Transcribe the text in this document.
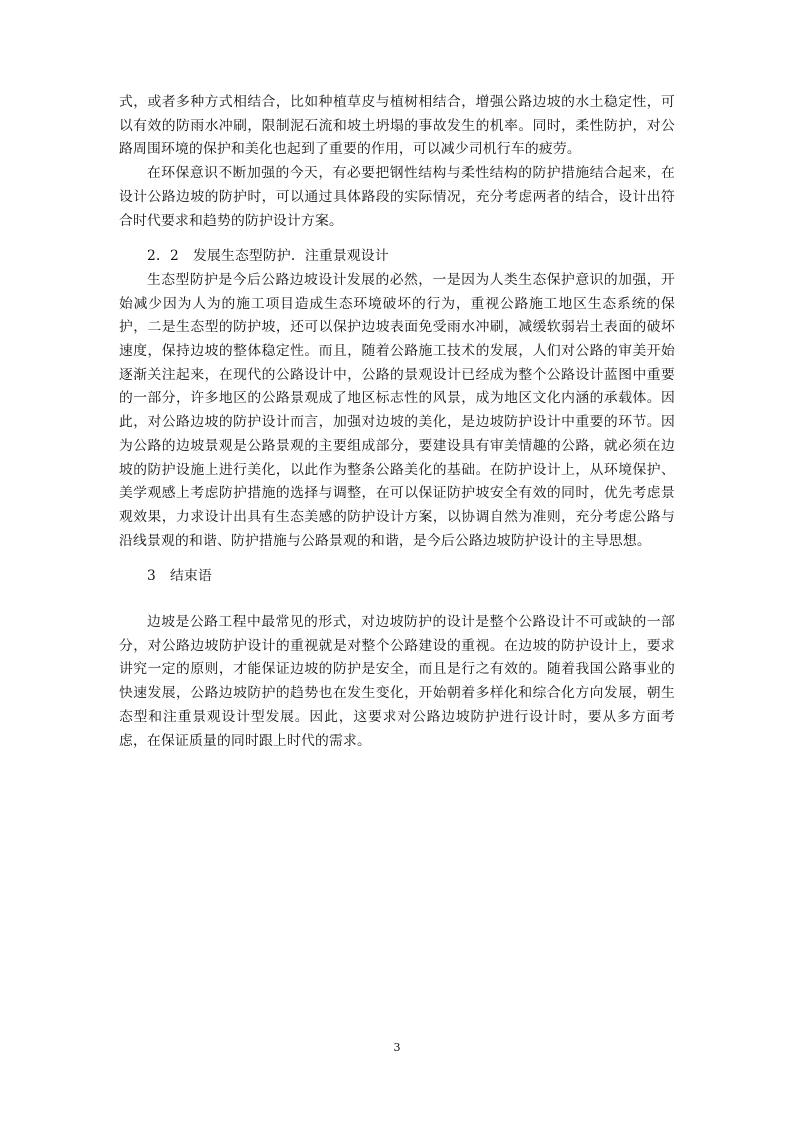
式，或者多种方式相结合，比如种植草皮与植树相结合，增强公路边坡的水土稳定性，可以有效的防雨水冲刷，限制泥石流和坡土坍塌的事故发生的机率。同时，柔性防护，对公路周围环境的保护和美化也起到了重要的作用，可以减少司机行车的疲劳。

在环保意识不断加强的今天，有必要把钢性结构与柔性结构的防护措施结合起来，在设计公路边坡的防护时，可以通过具体路段的实际情况，充分考虑两者的结合，设计出符合时代要求和趋势的防护设计方案。

2．2　发展生态型防护．注重景观设计

生态型防护是今后公路边坡设计发展的必然，一是因为人类生态保护意识的加强，开始减少因为人为的施工项目造成生态环境破坏的行为，重视公路施工地区生态系统的保护，二是生态型的防护坡，还可以保护边坡表面免受雨水冲刷，减缓软弱岩土表面的破坏速度，保持边坡的整体稳定性。而且，随着公路施工技术的发展，人们对公路的审美开始逐渐关注起来，在现代的公路设计中，公路的景观设计已经成为整个公路设计蓝图中重要的一部分，许多地区的公路景观成了地区标志性的风景，成为地区文化内涵的承载体。因此，对公路边坡的防护设计而言，加强对边坡的美化，是边坡防护设计中重要的环节。因为公路的边坡景观是公路景观的主要组成部分，要建设具有审美情趣的公路，就必须在边坡的防护设施上进行美化，以此作为整条公路美化的基础。在防护设计上，从环境保护、美学观感上考虑防护措施的选择与调整，在可以保证防护坡安全有效的同时，优先考虑景观效果，力求设计出具有生态美感的防护设计方案，以协调自然为准则，充分考虑公路与沿线景观的和谐、防护措施与公路景观的和谐，是今后公路边坡防护设计的主导思想。

3　结束语

边坡是公路工程中最常见的形式，对边坡防护的设计是整个公路设计不可或缺的一部分，对公路边坡防护设计的重视就是对整个公路建设的重视。在边坡的防护设计上，要求讲究一定的原则，才能保证边坡的防护是安全，而且是行之有效的。随着我国公路事业的快速发展，公路边坡防护的趋势也在发生变化，开始朝着多样化和综合化方向发展，朝生态型和注重景观设计型发展。因此，这要求对公路边坡防护进行设计时，要从多方面考虑，在保证质量的同时跟上时代的需求。

3
